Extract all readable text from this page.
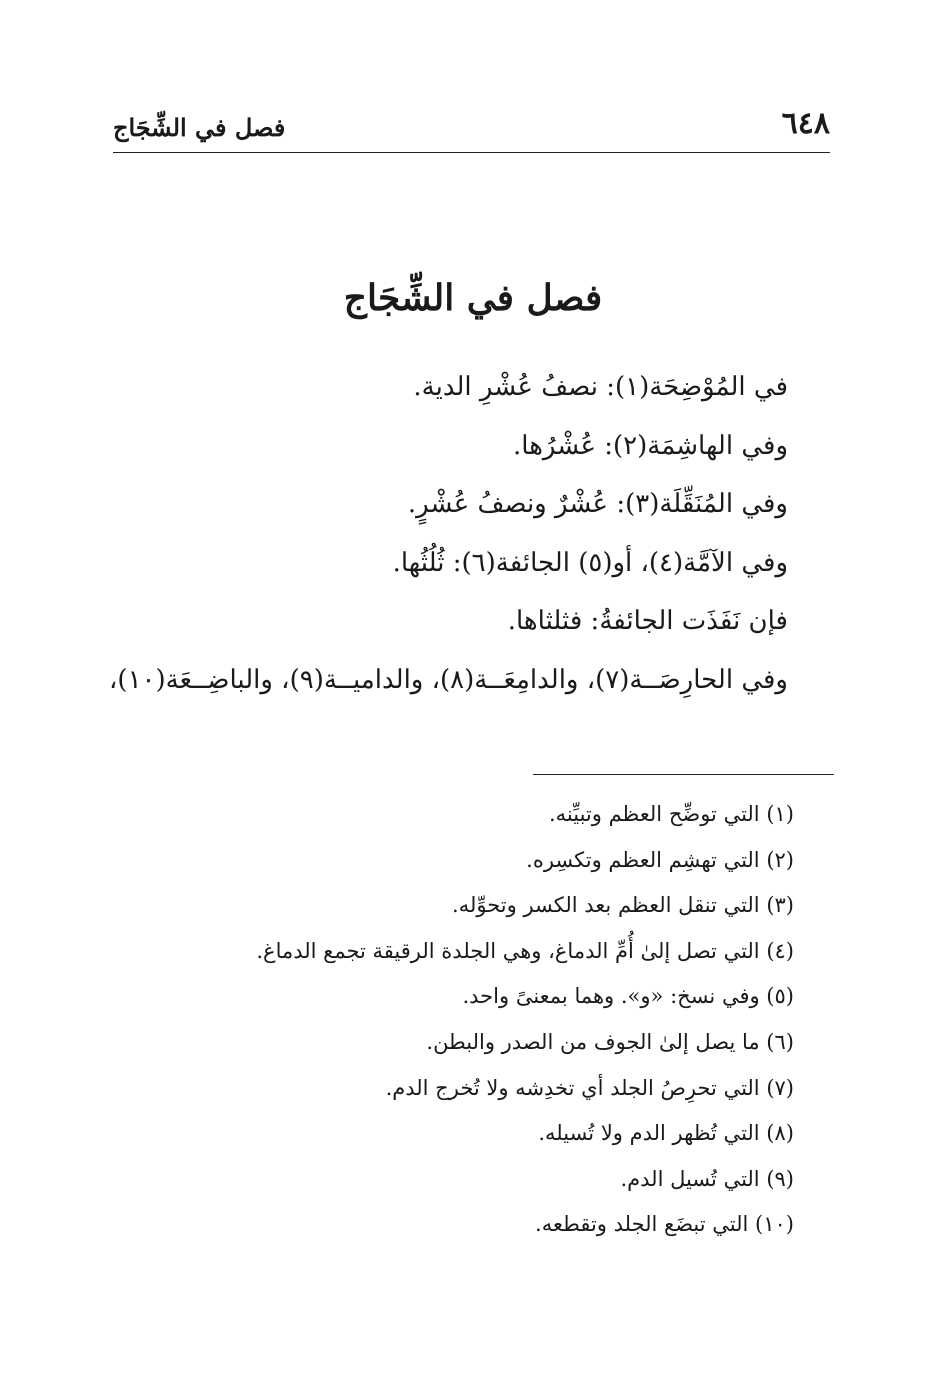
٦٤٨
فصل في الشِّجَاج
فصل في الشِّجَاج
في المُوْضِحَة(١): نصفُ عُشْرِ الدية.
وفي الهاشِمَة(٢): عُشْرُها.
وفي المُنَقِّلَة(٣): عُشْرٌ ونصفُ عُشْرٍ.
وفي الآمَّة(٤)، أو(٥) الجائفة(٦): ثُلُثُها.
فإن نَفَذَت الجائفةُ: فثلثاها.
وفي الحارِصَــة(٧)، والدامِعَــة(٨)، والداميــة(٩)، والباضِــعَة(١٠)،
(١) التي توضِّح العظم وتبيِّنه.
(٢) التي تهشِم العظم وتكسِره.
(٣) التي تنقل العظم بعد الكسر وتحوِّله.
(٤) التي تصل إلىٰ أُمِّ الدماغ، وهي الجلدة الرقيقة تجمع الدماغ.
(٥) وفي نسخ: «و». وهما بمعنىً واحد.
(٦) ما يصل إلىٰ الجوف من الصدر والبطن.
(٧) التي تحرِصُ الجلد أي تخدِشه ولا تُخرج الدم.
(٨) التي تُظهر الدم ولا تُسيله.
(٩) التي تُسيل الدم.
(١٠) التي تبضَع الجلد وتقطعه.
